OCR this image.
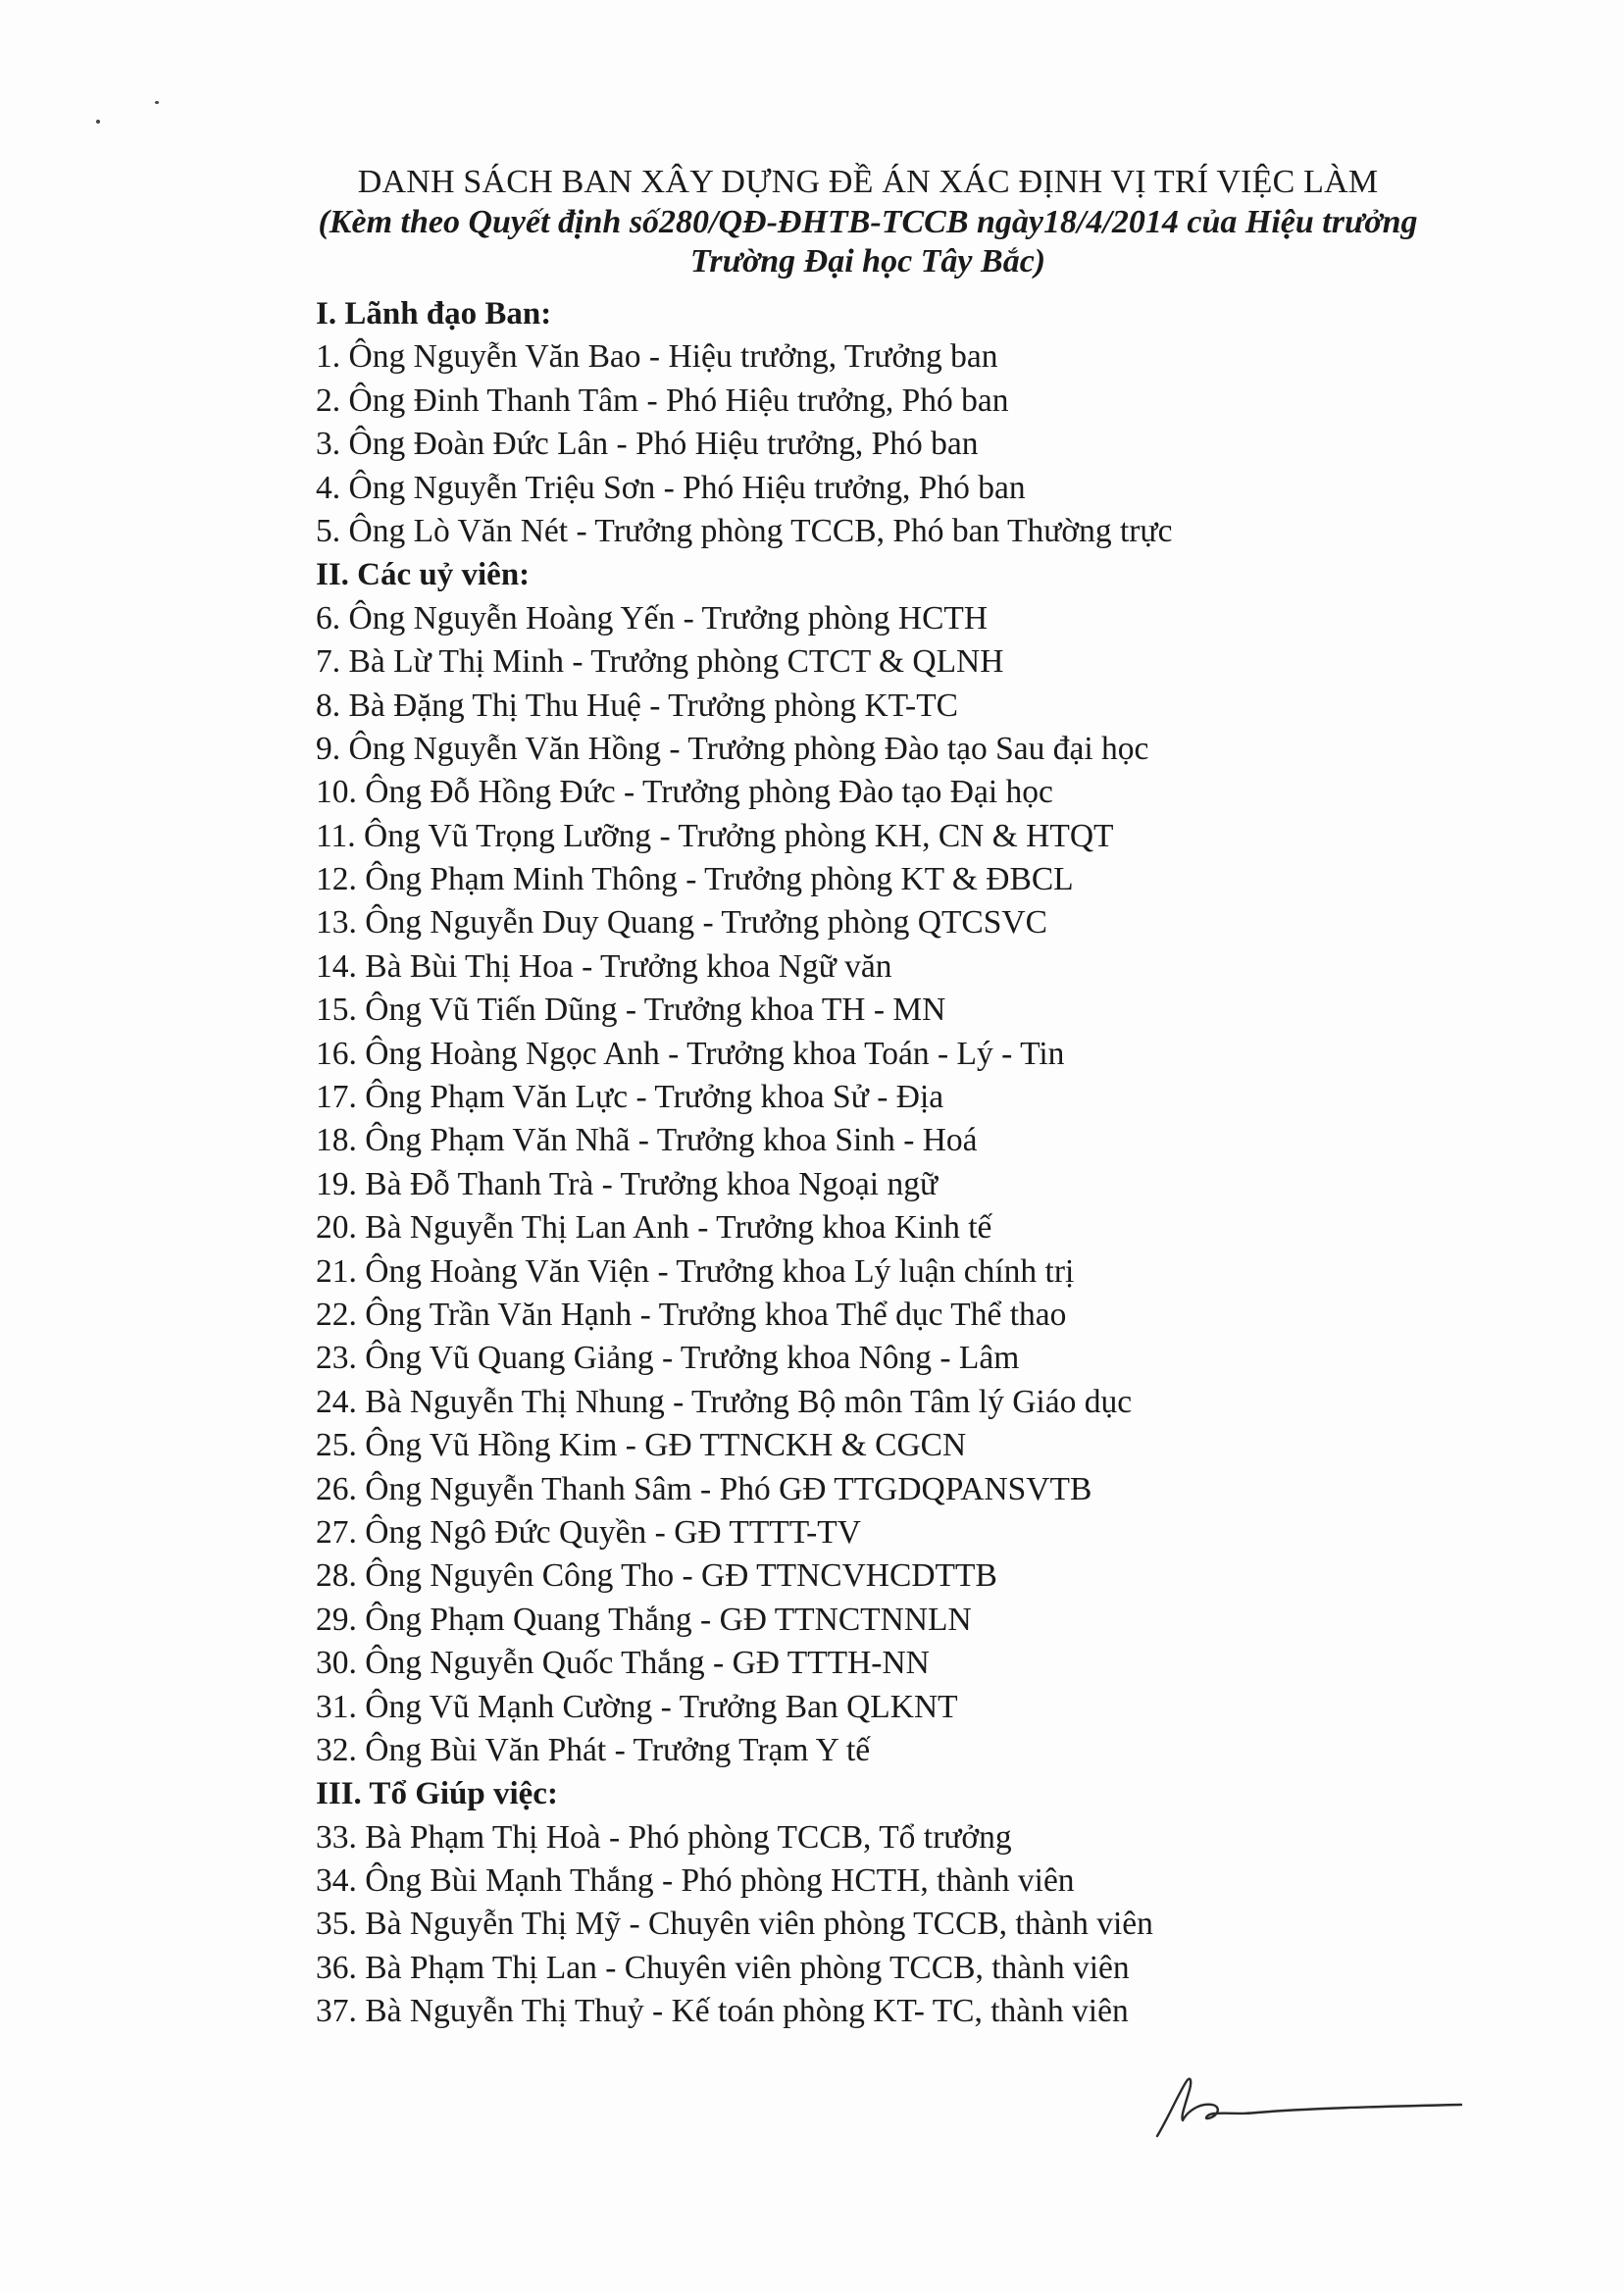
DANH SÁCH BAN XÂY DỰNG ĐỀ ÁN XÁC ĐỊNH VỊ TRÍ VIỆC LÀM
(Kèm theo Quyết định số280/QĐ-ĐHTB-TCCB ngày18/4/2014 của Hiệu trưởng Trường Đại học Tây Bắc)
I. Lãnh đạo Ban:
1. Ông Nguyễn Văn Bao - Hiệu trưởng, Trưởng ban
2. Ông Đinh Thanh Tâm - Phó Hiệu trưởng, Phó ban
3. Ông Đoàn Đức Lân - Phó Hiệu trưởng, Phó ban
4. Ông Nguyễn Triệu Sơn - Phó Hiệu trưởng, Phó ban
5. Ông Lò Văn Nét - Trưởng phòng TCCB, Phó ban Thường trực
II. Các uỷ viên:
6. Ông Nguyễn Hoàng Yến - Trưởng phòng HCTH
7. Bà Lừ Thị Minh - Trưởng phòng CTCT & QLNH
8. Bà Đặng Thị Thu Huệ - Trưởng phòng KT-TC
9. Ông Nguyễn Văn Hồng - Trưởng phòng Đào tạo Sau đại học
10. Ông Đỗ Hồng Đức - Trưởng phòng Đào tạo Đại học
11. Ông Vũ Trọng Lưỡng - Trưởng phòng KH, CN & HTQT
12. Ông Phạm Minh Thông - Trưởng phòng KT & ĐBCL
13. Ông Nguyễn Duy Quang - Trưởng phòng QTCSVC
14. Bà Bùi Thị Hoa - Trưởng khoa Ngữ văn
15. Ông Vũ Tiến Dũng - Trưởng khoa TH - MN
16. Ông Hoàng Ngọc Anh - Trưởng khoa Toán - Lý - Tin
17. Ông Phạm Văn Lực - Trưởng khoa Sử - Địa
18. Ông Phạm Văn Nhã - Trưởng khoa Sinh - Hoá
19. Bà Đỗ Thanh Trà - Trưởng khoa Ngoại ngữ
20. Bà Nguyễn Thị Lan Anh - Trưởng khoa Kinh tế
21. Ông Hoàng Văn Viện - Trưởng khoa Lý luận chính trị
22. Ông Trần Văn Hạnh - Trưởng khoa Thể dục Thể thao
23. Ông Vũ Quang Giảng - Trưởng khoa Nông - Lâm
24. Bà Nguyễn Thị Nhung - Trưởng Bộ môn Tâm lý Giáo dục
25. Ông Vũ Hồng Kim - GĐ TTNCKH & CGCN
26. Ông Nguyễn Thanh Sâm - Phó GĐ TTGDQPANSVTB
27. Ông Ngô Đức Quyền - GĐ TTTT-TV
28. Ông Nguyên Công Tho - GĐ TTNCVHCDTTB
29. Ông Phạm Quang Thắng - GĐ TTNCTNNLN
30. Ông Nguyễn Quốc Thắng - GĐ TTTH-NN
31. Ông Vũ Mạnh Cường - Trưởng Ban QLKNT
32. Ông Bùi Văn Phát - Trưởng Trạm Y tế
III. Tổ Giúp việc:
33. Bà Phạm Thị Hoà - Phó phòng TCCB, Tổ trưởng
34. Ông Bùi Mạnh Thắng - Phó phòng HCTH, thành viên
35. Bà Nguyễn Thị Mỹ - Chuyên viên phòng TCCB, thành viên
36. Bà Phạm Thị Lan - Chuyên viên phòng TCCB, thành viên
37. Bà Nguyễn Thị Thuỷ - Kế toán phòng KT- TC, thành viên
